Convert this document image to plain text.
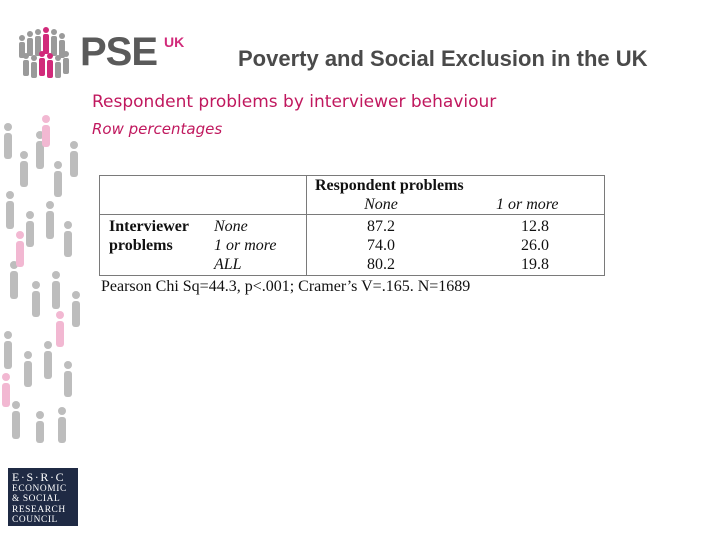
PSE UK
Poverty and Social Exclusion in the UK
E·S·R·C
ECONOMIC
& SOCIAL
RESEARCH
COUNCIL
Respondent problems by interviewer behaviour
Row percentages
Respondent problems
None	1 or more
Interviewer
problems
None	87.2	12.8
1 or more	74.0	26.0
ALL	80.2	19.8
Pearson Chi Sq=44.3, p<.001; Cramer’s V=.165. N=1689
